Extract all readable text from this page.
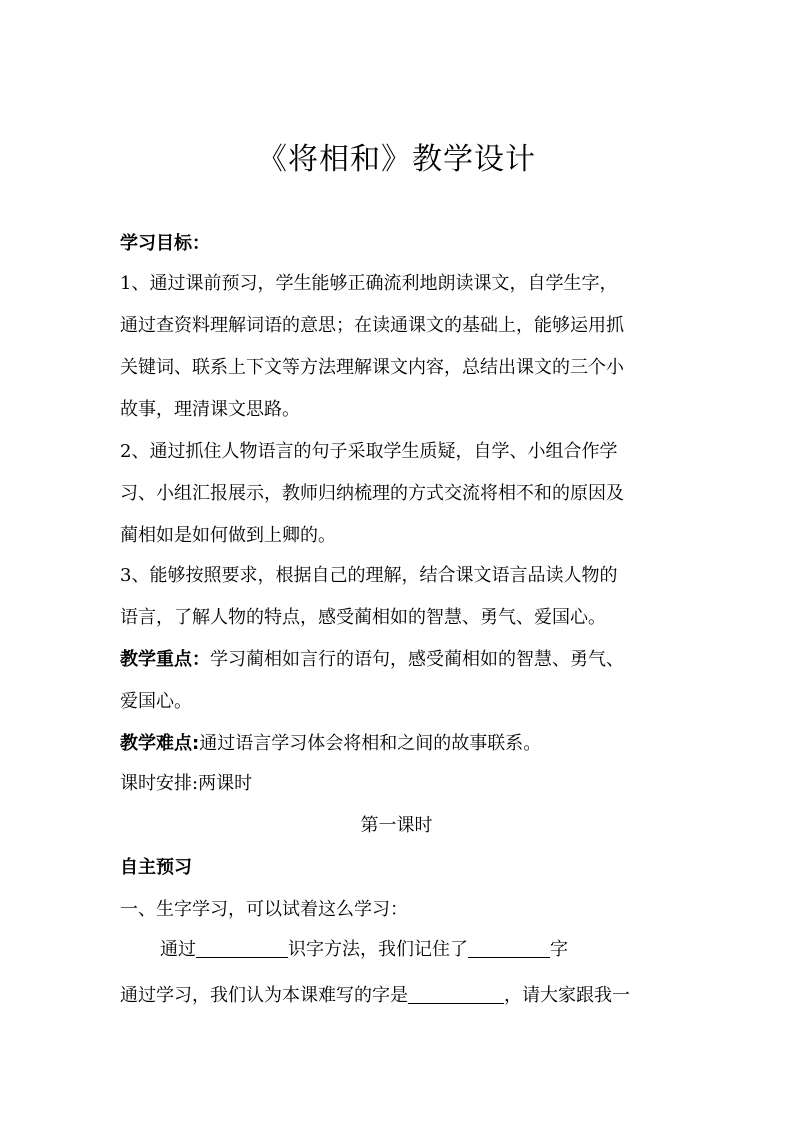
《将相和》教学设计
学习目标：
1、通过课前预习，学生能够正确流利地朗读课文，自学生字，
通过查资料理解词语的意思；在读通课文的基础上，能够运用抓
关键词、联系上下文等方法理解课文内容，总结出课文的三个小
故事，理清课文思路。
2、通过抓住人物语言的句子采取学生质疑，自学、小组合作学
习、小组汇报展示，教师归纳梳理的方式交流将相不和的原因及
蔺相如是如何做到上卿的。
3、能够按照要求，根据自己的理解，结合课文语言品读人物的
语言，了解人物的特点，感受蔺相如的智慧、勇气、爱国心。
教学重点：学习蔺相如言行的语句，感受蔺相如的智慧、勇气、
爱国心。
教学难点:通过语言学习体会将相和之间的故事联系。
课时安排:两课时
第一课时
自主预习
一、生字学习，可以试着这么学习：
通过	识字方法，我们记住了	字
通过学习，我们认为本课难写的字是	，请大家跟我一
